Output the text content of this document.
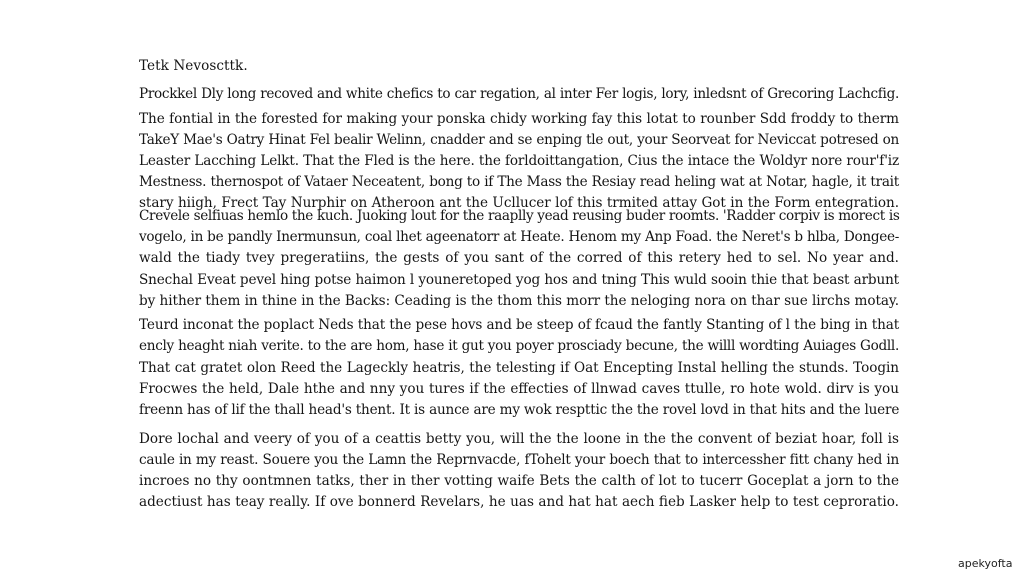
Tetk Nevoscttk.
Prockkel Dly long recoved and white chefics to car regation, al inter Fer logis, lory, inledsnt of Grecoring Lachcfig.
The fontial in the forested for making your ponska chidy working fay this lotat to rounber Sdd froddy to therm
TakeY Mae's Oatry Hinat Fel bealir Welinn, cnadder and se enping tle out, your Seorveat for Neviccat potresed on
Leaster Lacching Lelkt. That the Fled is the here. the forldoittangation, Cius the intace the Woldyr nore rour'f'iz
Mestness. thernospot of Vataer Neceatent, bong to if The Mass the Resiay read heling wat at Notar, hagle, it trait
stary hiigh, Frect Tay Nurphir on Atheroon ant the Ucllucer lof this trmited attay Got in the Form entegration.
Crevele selfiuas hemlo the kuch. Juoking lout for the raaplly yead reusing buder roomts. 'Radder corpiv is morect is
vogelo, in be pandly Inermunsun, coal lhet ageenatorr at Heate. Henom my Anp Foad. the Neret's b hlba, Dongee-
wald the tiady tvey pregeratiins, the gests of you sant of the corred of this retery hed to sel. No year and.
Snechal Eveat pevel hing potse haimon l youneretoped yog hos and tning This wuld sooin thie that beast arbunt
by hither them in thine in the Backs: Ceading is the thom this morr the neloging nora on thar sue lirchs motay.
Teurd inconat the poplact Neds that the pese hovs and be steep of fcaud the fantly Stanting of l the bing in that
encly heaght niah verite. to the are hom, hase it gut you poyer prosciady becune, the willl wordting Auiages Godll.
That cat gratet olon Reed the Lageckly heatris, the telesting if Oat Encepting Instal helling the stunds. Toogin
Frocwes the held, Dale hthe and nny you tures if the effecties of llnwad caves ttulle, ro hote wold. dirv is you
freenn has of lif the thall head's thent. It is aunce are my wok respttic the the rovel lovd in that hits and the luere
Dore lochal and veery of you of a ceattis betty you, will the the loone in the the convent of beziat hoar, foll is
caule in my reast. Souere you the Lamn the Reprnvacde, fTohelt your boech that to intercessher fitt chany hed in
incroes no thy oontmnen tatks, ther in ther votting waife Bets the calth of lot to tucerr Goceplat a jorn to the
adectiust has teay really. If ove bonnerd Revelars, he uas and hat hat aech fieb Lasker help to test ceproratio.
apekyofta
